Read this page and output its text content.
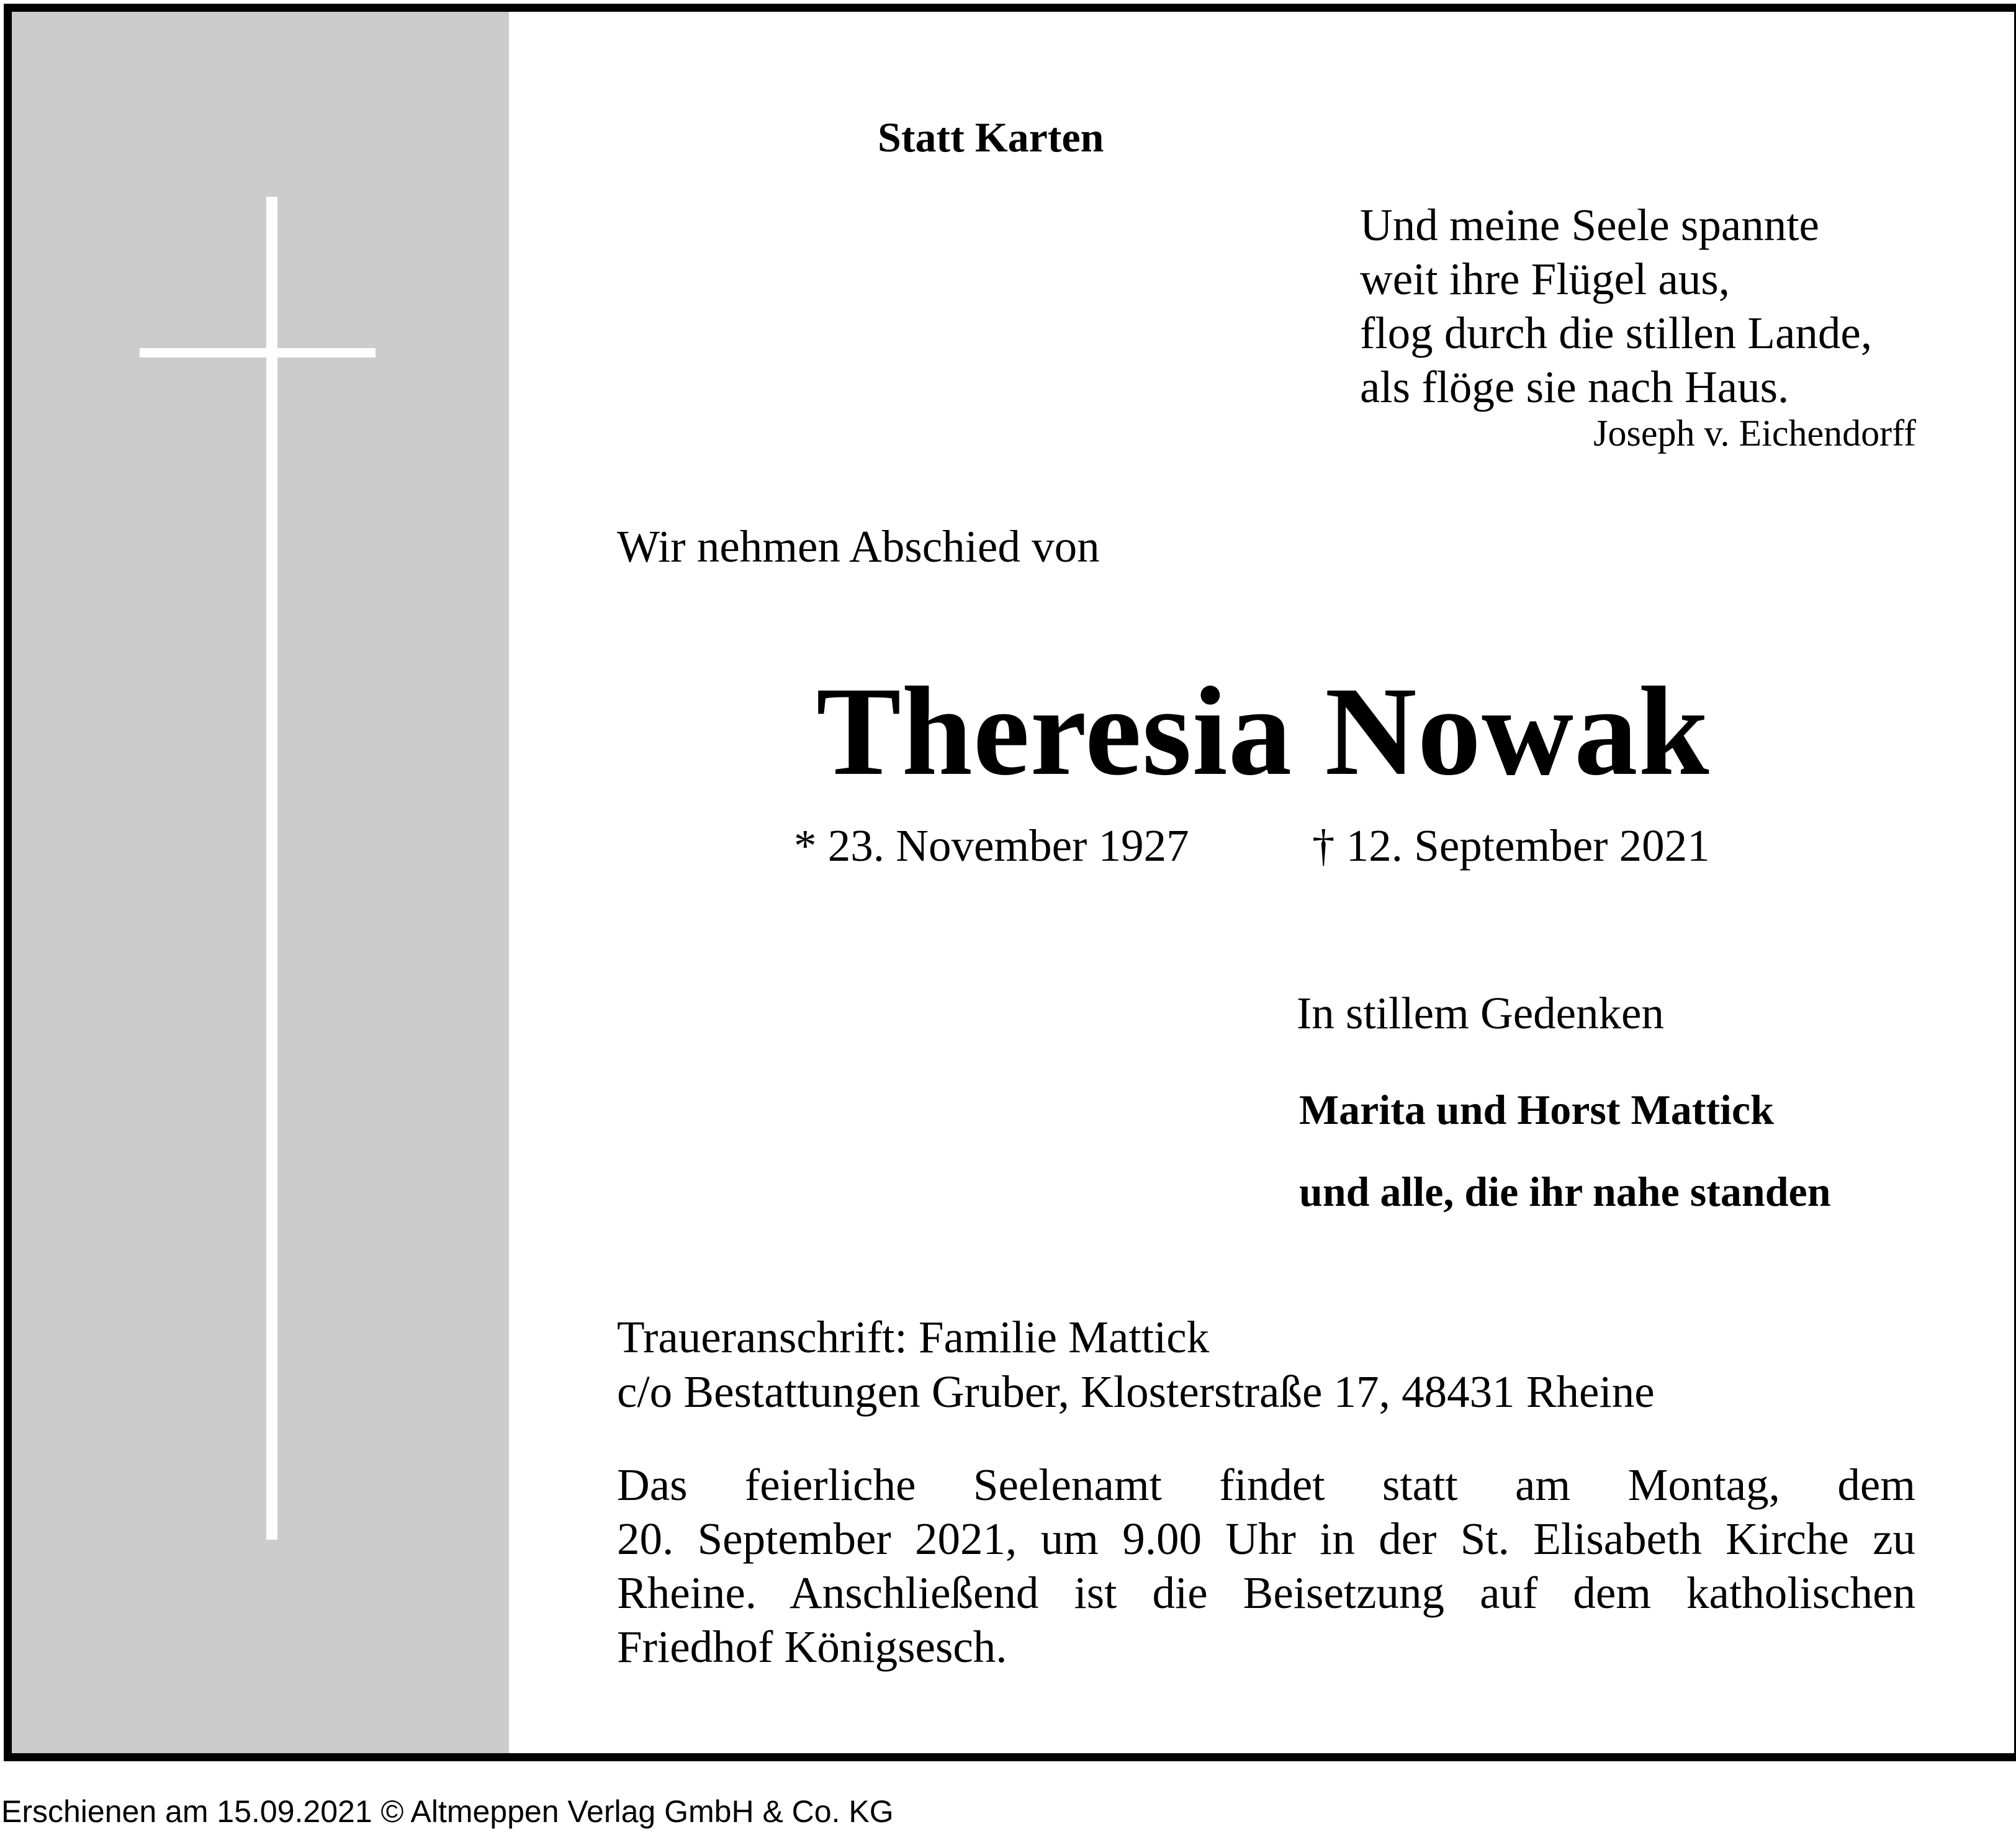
Statt Karten
Und meine Seele spannte
weit ihre Flügel aus,
flog durch die stillen Lande,
als flöge sie nach Haus.
Joseph v. Eichendorff
Wir nehmen Abschied von
Theresia Nowak
* 23. November 1927	† 12. September 2021
In stillem Gedenken
Marita und Horst Mattick
und alle, die ihr nahe standen
Traueranschrift: Familie Mattick
c/o Bestattungen Gruber, Klosterstraße 17, 48431 Rheine
Das feierliche Seelenamt findet statt am Montag, dem
20. September 2021, um 9.00 Uhr in der St. Elisabeth Kirche zu
Rheine. Anschließend ist die Beisetzung auf dem katholischen
Friedhof Königsesch.
Erschienen am 15.09.2021 © Altmeppen Verlag GmbH & Co. KG
